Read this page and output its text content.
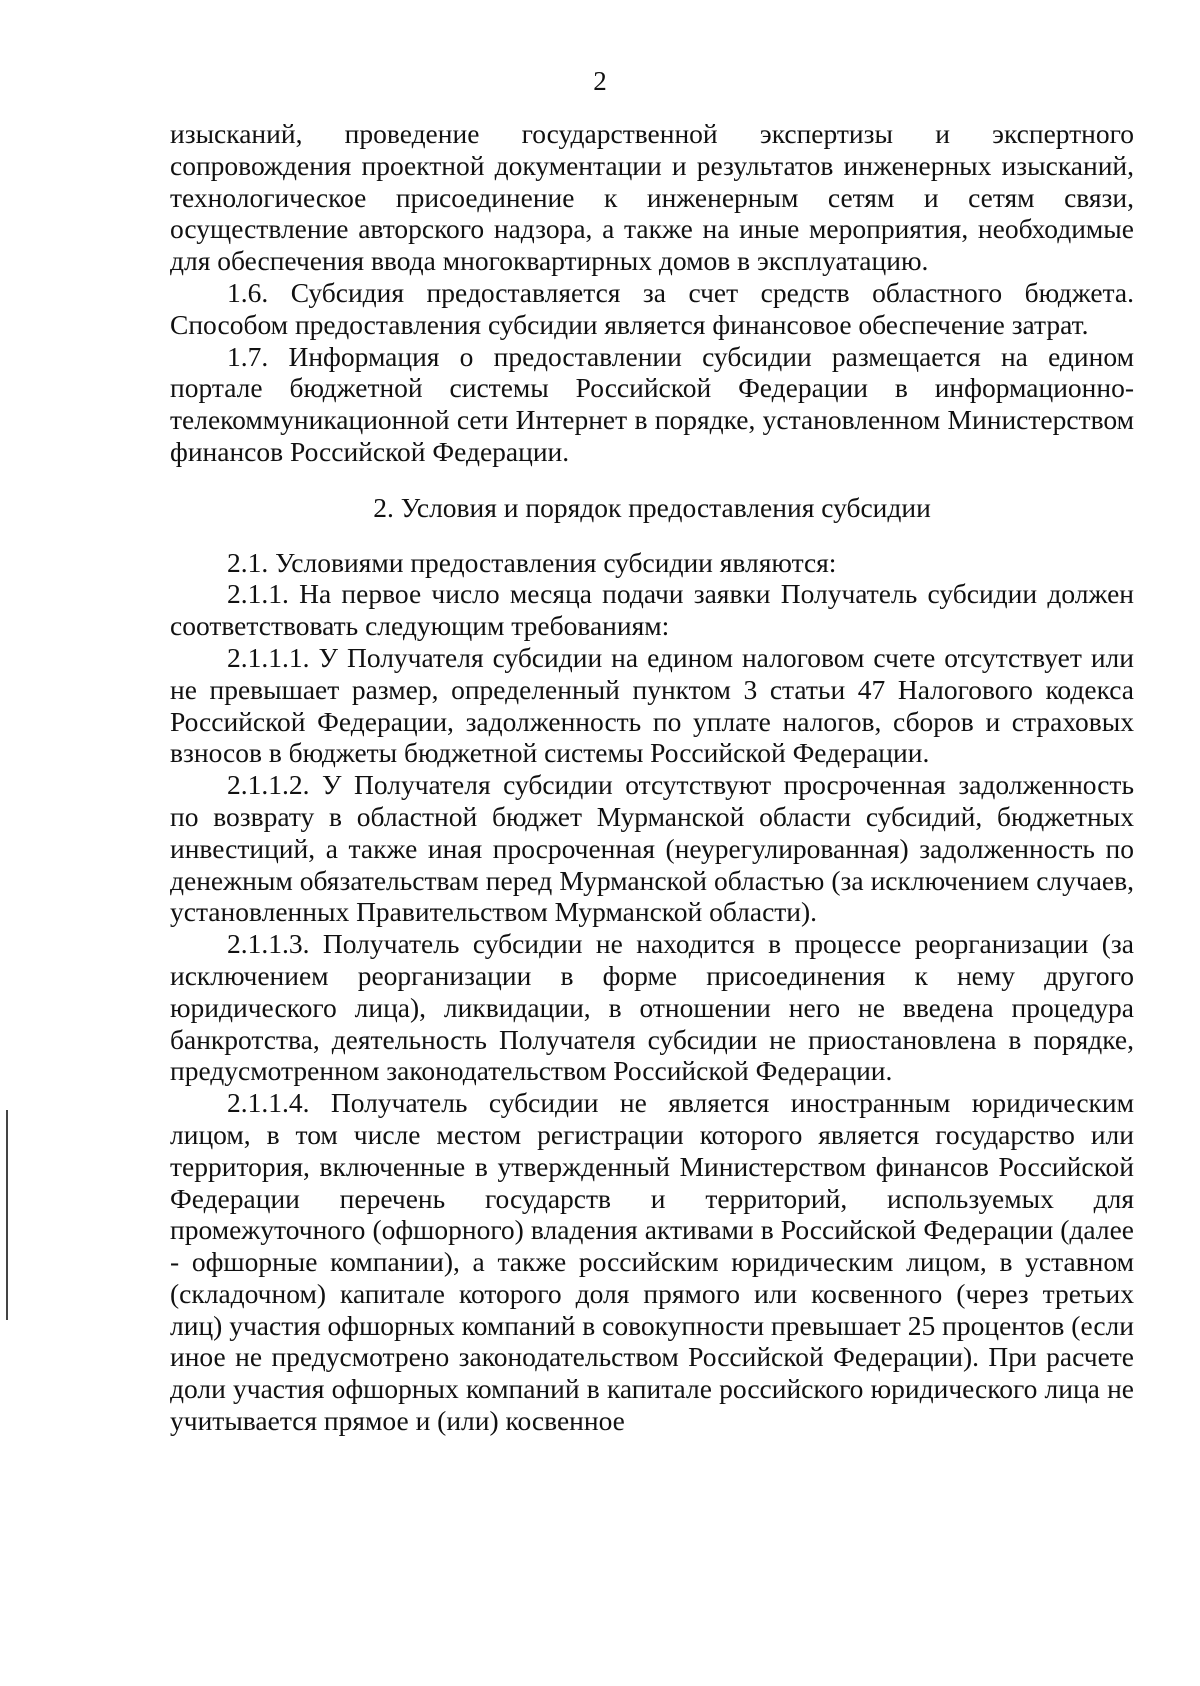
2

изысканий, проведение государственной экспертизы и экспертного сопровождения проектной документации и результатов инженерных изысканий, технологическое присоединение к инженерным сетям и сетям связи, осуществление авторского надзора, а также на иные мероприятия, необходимые для обеспечения ввода многоквартирных домов в эксплуатацию.

1.6. Субсидия предоставляется за счет средств областного бюджета. Способом предоставления субсидии является финансовое обеспечение затрат.

1.7. Информация о предоставлении субсидии размещается на едином портале бюджетной системы Российской Федерации в информационно-телекоммуникационной сети Интернет в порядке, установленном Министерством финансов Российской Федерации.

2. Условия и порядок предоставления субсидии

2.1. Условиями предоставления субсидии являются:

2.1.1. На первое число месяца подачи заявки Получатель субсидии должен соответствовать следующим требованиям:

2.1.1.1. У Получателя субсидии на едином налоговом счете отсутствует или не превышает размер, определенный пунктом 3 статьи 47 Налогового кодекса Российской Федерации, задолженность по уплате налогов, сборов и страховых взносов в бюджеты бюджетной системы Российской Федерации.

2.1.1.2. У Получателя субсидии отсутствуют просроченная задолженность по возврату в областной бюджет Мурманской области субсидий, бюджетных инвестиций, а также иная просроченная (неурегулированная) задолженность по денежным обязательствам перед Мурманской областью (за исключением случаев, установленных Правительством Мурманской области).

2.1.1.3. Получатель субсидии не находится в процессе реорганизации (за исключением реорганизации в форме присоединения к нему другого юридического лица), ликвидации, в отношении него не введена процедура банкротства, деятельность Получателя субсидии не приостановлена в порядке, предусмотренном законодательством Российской Федерации.

2.1.1.4. Получатель субсидии не является иностранным юридическим лицом, в том числе местом регистрации которого является государство или территория, включенные в утвержденный Министерством финансов Российской Федерации перечень государств и территорий, используемых для промежуточного (офшорного) владения активами в Российской Федерации (далее - офшорные компании), а также российским юридическим лицом, в уставном (складочном) капитале которого доля прямого или косвенного (через третьих лиц) участия офшорных компаний в совокупности превышает 25 процентов (если иное не предусмотрено законодательством Российской Федерации). При расчете доли участия офшорных компаний в капитале российского юридического лица не учитывается прямое и (или) косвенное
